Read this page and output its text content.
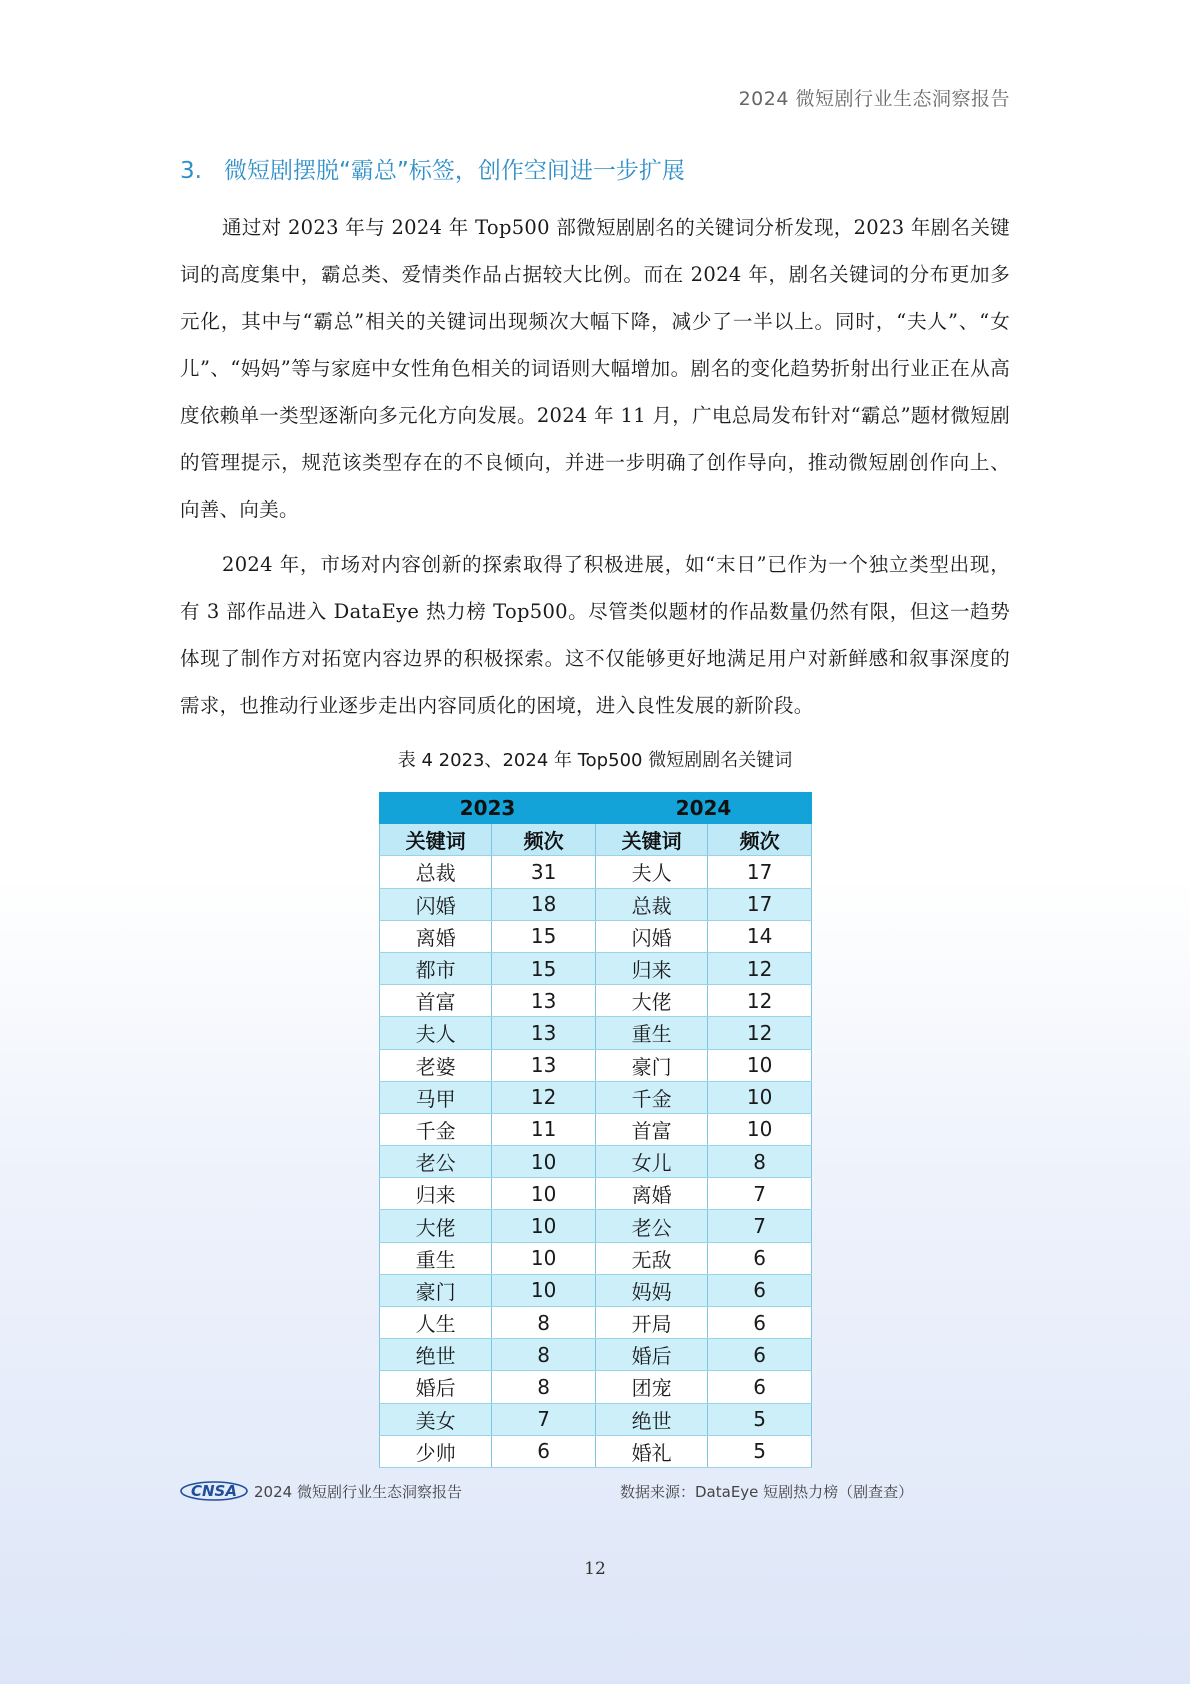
2024 微短剧行业生态洞察报告
3. 微短剧摆脱“霸总”标签，创作空间进一步扩展

通过对 2023 年与 2024 年 Top500 部微短剧剧名的关键词分析发现，2023 年剧名关键词的高度集中，霸总类、爱情类作品占据较大比例。而在 2024 年，剧名关键词的分布更加多元化，其中与“霸总”相关的关键词出现频次大幅下降，减少了一半以上。同时，“夫人”、“女儿”、“妈妈”等与家庭中女性角色相关的词语则大幅增加。剧名的变化趋势折射出行业正在从高度依赖单一类型逐渐向多元化方向发展。2024 年 11 月，广电总局发布针对“霸总”题材微短剧的管理提示，规范该类型存在的不良倾向，并进一步明确了创作导向，推动微短剧创作向上、向善、向美。

2024 年，市场对内容创新的探索取得了积极进展，如“末日”已作为一个独立类型出现，有 3 部作品进入 DataEye 热力榜 Top500。尽管类似题材的作品数量仍然有限，但这一趋势体现了制作方对拓宽内容边界的积极探索。这不仅能够更好地满足用户对新鲜感和叙事深度的需求，也推动行业逐步走出内容同质化的困境，进入良性发展的新阶段。

表 4 2023、2024 年 Top500 微短剧剧名关键词
2023		2024	
关键词	频次	关键词	频次
总裁	31	夫人	17
闪婚	18	总裁	17
离婚	15	闪婚	14
都市	15	归来	12
首富	13	大佬	12
夫人	13	重生	12
老婆	13	豪门	10
马甲	12	千金	10
千金	11	首富	10
老公	10	女儿	8
归来	10	离婚	7
大佬	10	老公	7
重生	10	无敌	6
豪门	10	妈妈	6
人生	8	开局	6
绝世	8	婚后	6
婚后	8	团宠	6
美女	7	绝世	5
少帅	6	婚礼	5
CNSA 2024 微短剧行业生态洞察报告	数据来源：DataEye 短剧热力榜（剧查查）
12
